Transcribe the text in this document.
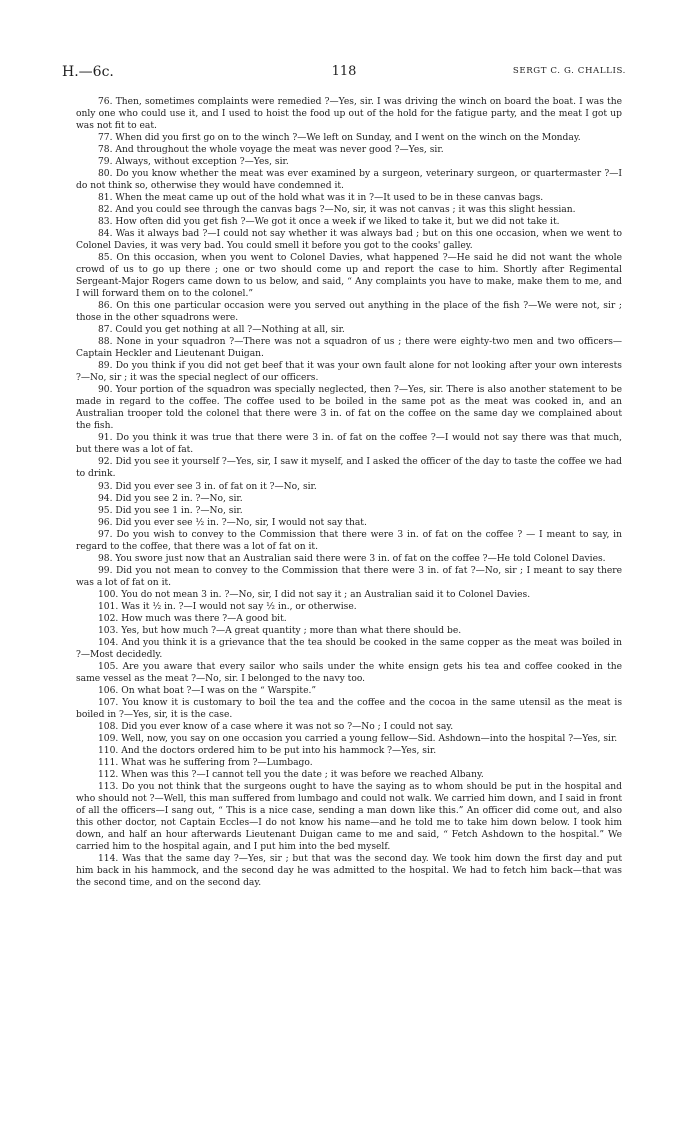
H.—6c.	118	SERGT C. G. CHALLIS.

76. Then, sometimes complaints were remedied ?—Yes, sir. I was driving the winch on board the boat. I was the only one who could use it, and I used to hoist the food up out of the hold for the fatigue party, and the meat I got up was not fit to eat.

77. When did you first go on to the winch ?—We left on Sunday, and I went on the winch on the Monday.

78. And throughout the whole voyage the meat was never good ?—Yes, sir.

79. Always, without exception ?—Yes, sir.

80. Do you know whether the meat was ever examined by a surgeon, veterinary surgeon, or quartermaster ?—I do not think so, otherwise they would have condemned it.

81. When the meat came up out of the hold what was it in ?—It used to be in these canvas bags.

82. And you could see through the canvas bags ?—No, sir, it was not canvas ; it was this slight hessian.

83. How often did you get fish ?—We got it once a week if we liked to take it, but we did not take it.

84. Was it always bad ?—I could not say whether it was always bad ; but on this one occasion, when we went to Colonel Davies, it was very bad. You could smell it before you got to the cooks' galley.

85. On this occasion, when you went to Colonel Davies, what happened ?—He said he did not want the whole crowd of us to go up there ; one or two should come up and report the case to him. Shortly after Regimental Sergeant-Major Rogers came down to us below, and said, “ Any complaints you have to make, make them to me, and I will forward them on to the colonel.”

86. On this one particular occasion were you served out anything in the place of the fish ?—We were not, sir ; those in the other squadrons were.

87. Could you get nothing at all ?—Nothing at all, sir.

88. None in your squadron ?—There was not a squadron of us ; there were eighty-two men and two officers—Captain Heckler and Lieutenant Duigan.

89. Do you think if you did not get beef that it was your own fault alone for not looking after your own interests ?—No, sir ; it was the special neglect of our officers.

90. Your portion of the squadron was specially neglected, then ?—Yes, sir. There is also another statement to be made in regard to the coffee. The coffee used to be boiled in the same pot as the meat was cooked in, and an Australian trooper told the colonel that there were 3 in. of fat on the coffee on the same day we complained about the fish.

91. Do you think it was true that there were 3 in. of fat on the coffee ?—I would not say there was that much, but there was a lot of fat.

92. Did you see it yourself ?—Yes, sir, I saw it myself, and I asked the officer of the day to taste the coffee we had to drink.

93. Did you ever see 3 in. of fat on it ?—No, sir.

94. Did you see 2 in. ?—No, sir.

95. Did you see 1 in. ?—No, sir.

96. Did you ever see ½ in. ?—No, sir, I would not say that.

97. Do you wish to convey to the Commission that there were 3 in. of fat on the coffee ? — I meant to say, in regard to the coffee, that there was a lot of fat on it.

98. You swore just now that an Australian said there were 3 in. of fat on the coffee ?—He told Colonel Davies.

99. Did you not mean to convey to the Commission that there were 3 in. of fat ?—No, sir ; I meant to say there was a lot of fat on it.

100. You do not mean 3 in. ?—No, sir, I did not say it ; an Australian said it to Colonel Davies.

101. Was it ½ in. ?—I would not say ½ in., or otherwise.

102. How much was there ?—A good bit.

103. Yes, but how much ?—A great quantity ; more than what there should be.

104. And you think it is a grievance that the tea should be cooked in the same copper as the meat was boiled in ?—Most decidedly.

105. Are you aware that every sailor who sails under the white ensign gets his tea and coffee cooked in the same vessel as the meat ?—No, sir. I belonged to the navy too.

106. On what boat ?—I was on the “ Warspite.”

107. You know it is customary to boil the tea and the coffee and the cocoa in the same utensil as the meat is boiled in ?—Yes, sir, it is the case.

108. Did you ever know of a case where it was not so ?—No ; I could not say.

109. Well, now, you say on one occasion you carried a young fellow—Sid. Ashdown—into the hospital ?—Yes, sir.

110. And the doctors ordered him to be put into his hammock ?—Yes, sir.

111. What was he suffering from ?—Lumbago.

112. When was this ?—I cannot tell you the date ; it was before we reached Albany.

113. Do you not think that the surgeons ought to have the saying as to whom should be put in the hospital and who should not ?—Well, this man suffered from lumbago and could not walk. We carried him down, and I said in front of all the officers—I sang out, “ This is a nice case, sending a man down like this.” An officer did come out, and also this other doctor, not Captain Eccles—I do not know his name—and he told me to take him down below. I took him down, and half an hour afterwards Lieutenant Duigan came to me and said, “ Fetch Ashdown to the hospital.” We carried him to the hospital again, and I put him into the bed myself.

114. Was that the same day ?—Yes, sir ; but that was the second day. We took him down the first day and put him back in his hammock, and the second day he was admitted to the hospital. We had to fetch him back—that was the second time, and on the second day.
